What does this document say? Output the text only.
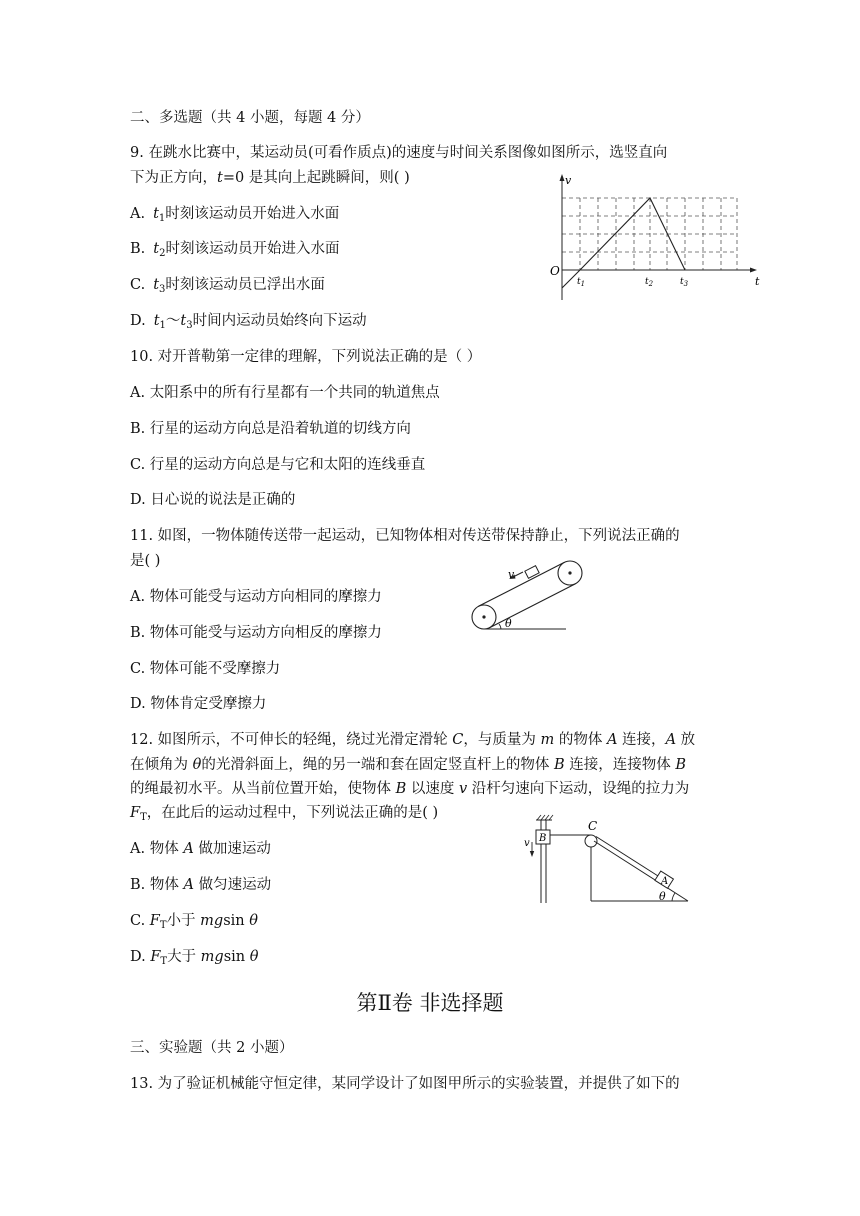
二、多选题（共 4 小题，每题 4 分）
9. 在跳水比赛中，某运动员(可看作质点)的速度与时间关系图像如图所示，选竖直向
下为正方向，t=0 是其向上起跳瞬间，则( )
A. $t_1$时刻该运动员开始进入水面
B. $t_2$时刻该运动员开始进入水面
C. $t_3$时刻该运动员已浮出水面
D. $t_1\sim t_3$时间内运动员始终向下运动
v
O
t
$t_1$	$t_2$	$t_3$
10. 对开普勒第一定律的理解，下列说法正确的是（ ）
A. 太阳系中的所有行星都有一个共同的轨道焦点
B. 行星的运动方向总是沿着轨道的切线方向
C. 行星的运动方向总是与它和太阳的连线垂直
D. 日心说的说法是正确的
11. 如图，一物体随传送带一起运动，已知物体相对传送带保持静止，下列说法正确的
是( )
A. 物体可能受与运动方向相同的摩擦力
B. 物体可能受与运动方向相反的摩擦力
C. 物体可能不受摩擦力
D. 物体肯定受摩擦力
v
θ
12. 如图所示，不可伸长的轻绳，绕过光滑定滑轮 C，与质量为 m 的物体 A 连接，A 放
在倾角为 θ的光滑斜面上，绳的另一端和套在固定竖直杆上的物体 B 连接，连接物体 B
的绳最初水平。从当前位置开始，使物体 B 以速度 v 沿杆匀速向下运动，设绳的拉力为
$F_T$，在此后的运动过程中，下列说法正确的是( )
A. 物体 A 做加速运动
B. 物体 A 做匀速运动
C. $F_T$小于 mgsin θ
D. $F_T$大于 mgsin θ
B
v
C
A
θ
第Ⅱ卷 非选择题
三、实验题（共 2 小题）
13. 为了验证机械能守恒定律，某同学设计了如图甲所示的实验装置，并提供了如下的
